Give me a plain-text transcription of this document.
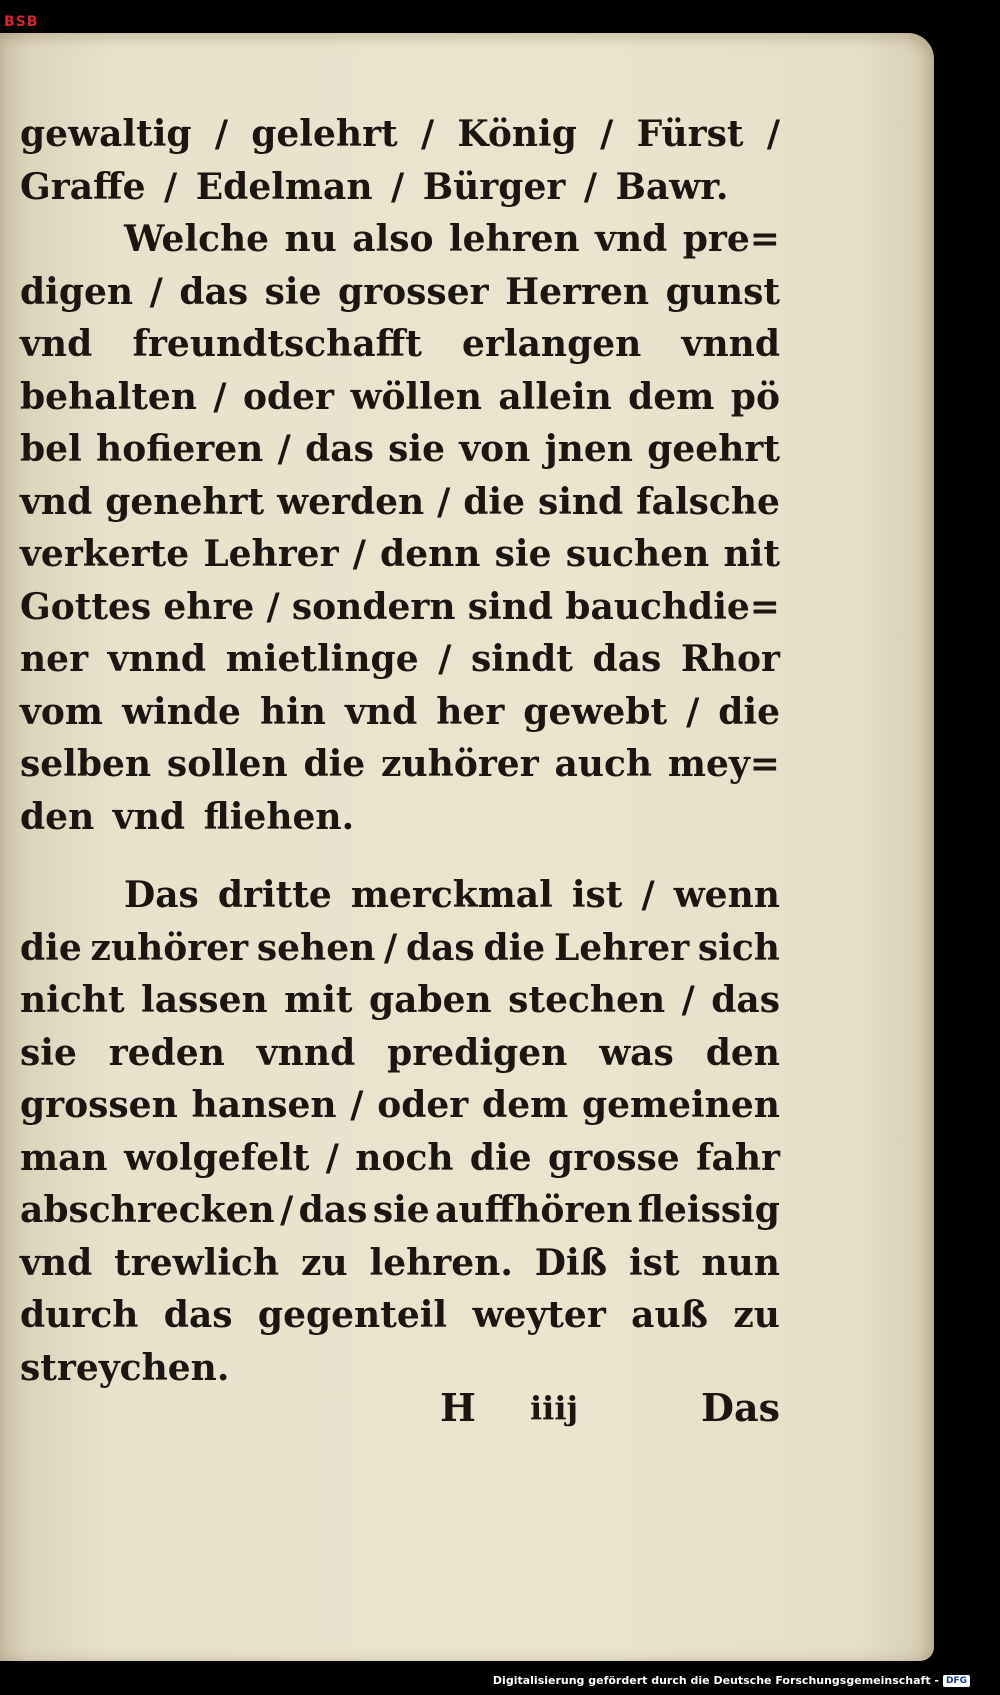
BSB
gewaltig / gelehrt / König / Fürst /
Graffe / Edelman / Bürger / Bawr.
Welche nu also lehren vnd pre=
digen / das sie grosser Herren gunst
vnd freundtschafft erlangen vnnd
behalten / oder wöllen allein dem pö
bel hofieren / das sie von jnen geehrt
vnd genehrt werden / die sind falsche
verkerte Lehrer / denn sie suchen nit
Gottes ehre / sondern sind bauchdie=
ner vnnd mietlinge / sindt das Rhor
vom winde hin vnd her gewebt / die
selben sollen die zuhörer auch mey=
den vnd fliehen.
Das dritte merckmal ist / wenn
die zuhörer sehen / das die Lehrer sich
nicht lassen mit gaben stechen / das
sie reden vnnd predigen was den
grossen hansen / oder dem gemeinen
man wolgefelt / noch die grosse fahr
abschrecken / das sie auffhören fleissig
vnd trewlich zu lehren. Diß ist nun
durch das gegenteil weyter auß zu
streychen.
H iiij	Das
Digitalisierung gefördert durch die Deutsche Forschungsgemeinschaft - DFG
